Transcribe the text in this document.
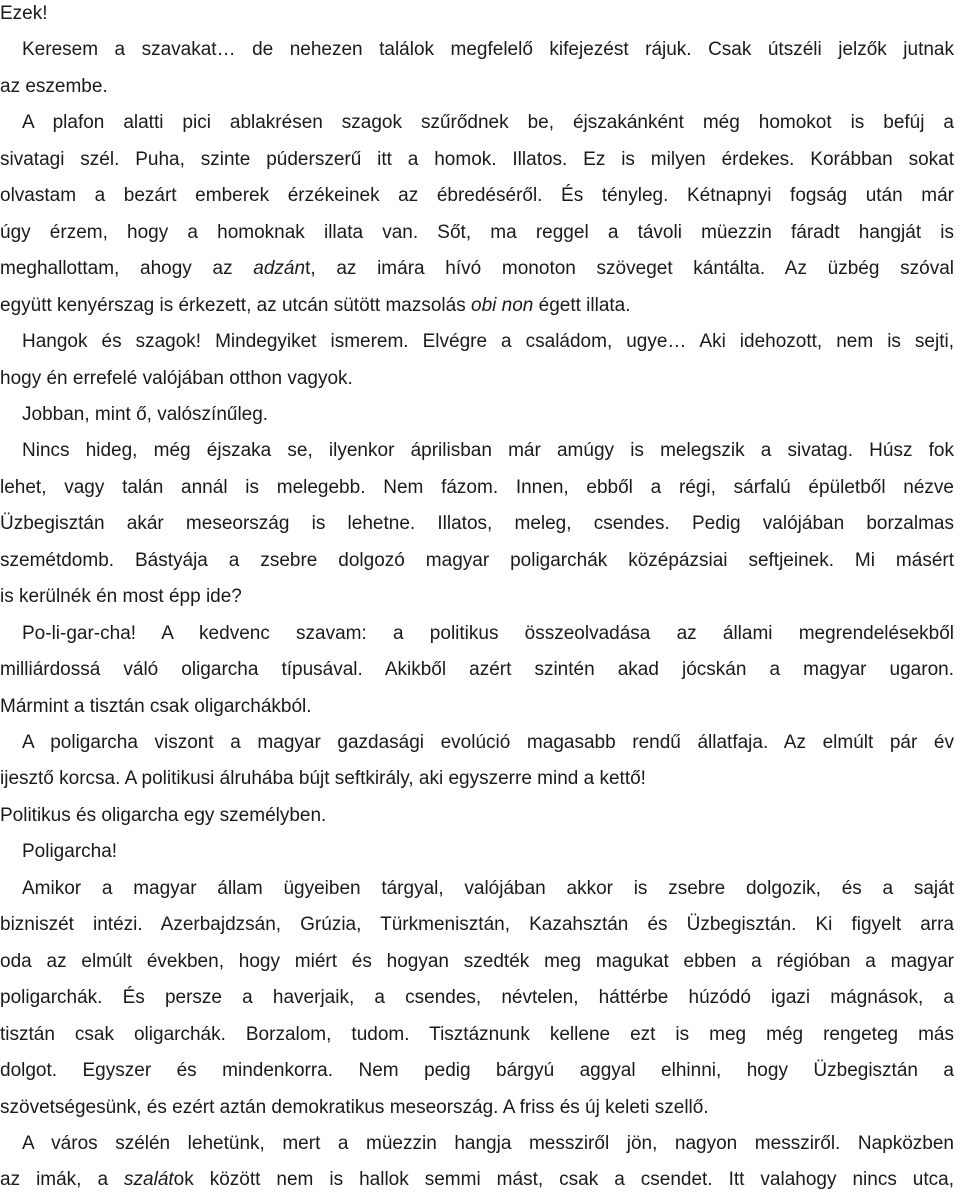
Ezek!
Keresem a szavakat… de nehezen találok megfelelő kifejezést rájuk. Csak útszéli jelzők jutnak
az eszembe.
A plafon alatti pici ablakrésen szagok szűrődnek be, éjszakánként még homokot is befúj a
sivatagi szél. Puha, szinte púderszerű itt a homok. Illatos. Ez is milyen érdekes. Korábban sokat
olvastam a bezárt emberek érzékeinek az ébredéséről. És tényleg. Kétnapnyi fogság után már
úgy érzem, hogy a homoknak illata van. Sőt, ma reggel a távoli müezzin fáradt hangját is
meghallottam, ahogy az adzánt, az imára hívó monoton szöveget kántálta. Az üzbég szóval
együtt kenyérszag is érkezett, az utcán sütött mazsolás obi non égett illata.
Hangok és szagok! Mindegyiket ismerem. Elvégre a családom, ugye… Aki idehozott, nem is sejti,
hogy én errefelé valójában otthon vagyok.
Jobban, mint ő, valószínűleg.
Nincs hideg, még éjszaka se, ilyenkor áprilisban már amúgy is melegszik a sivatag. Húsz fok
lehet, vagy talán annál is melegebb. Nem fázom. Innen, ebből a régi, sárfalú épületből nézve
Üzbegisztán akár meseország is lehetne. Illatos, meleg, csendes. Pedig valójában borzalmas
szemétdomb. Bástyája a zsebre dolgozó magyar poligarchák középázsiai seftjeinek. Mi másért
is kerülnék én most épp ide?
Po-li-gar-cha! A kedvenc szavam: a politikus összeolvadása az állami megrendelésekből
milliárdossá váló oligarcha típusával. Akikből azért szintén akad jócskán a magyar ugaron.
Mármint a tisztán csak oligarchákból.
A poligarcha viszont a magyar gazdasági evolúció magasabb rendű állatfaja. Az elmúlt pár év
ijesztő korcsa. A politikusi álruhába bújt seftkirály, aki egyszerre mind a kettő!
Politikus és oligarcha egy személyben.
Poligarcha!
Amikor a magyar állam ügyeiben tárgyal, valójában akkor is zsebre dolgozik, és a saját
bizniszét intézi. Azerbajdzsán, Grúzia, Türkmenisztán, Kazahsztán és Üzbegisztán. Ki figyelt arra
oda az elmúlt években, hogy miért és hogyan szedték meg magukat ebben a régióban a magyar
poligarchák. És persze a haverjaik, a csendes, névtelen, háttérbe húzódó igazi mágnások, a
tisztán csak oligarchák. Borzalom, tudom. Tisztáznunk kellene ezt is meg még rengeteg más
dolgot. Egyszer és mindenkorra. Nem pedig bárgyú aggyal elhinni, hogy Üzbegisztán a
szövetségesünk, és ezért aztán demokratikus meseország. A friss és új keleti szellő.
A város szélén lehetünk, mert a müezzin hangja messziről jön, nagyon messziről. Napközben
az imák, a szalátok között nem is hallok semmi mást, csak a csendet. Itt valahogy nincs utca,
